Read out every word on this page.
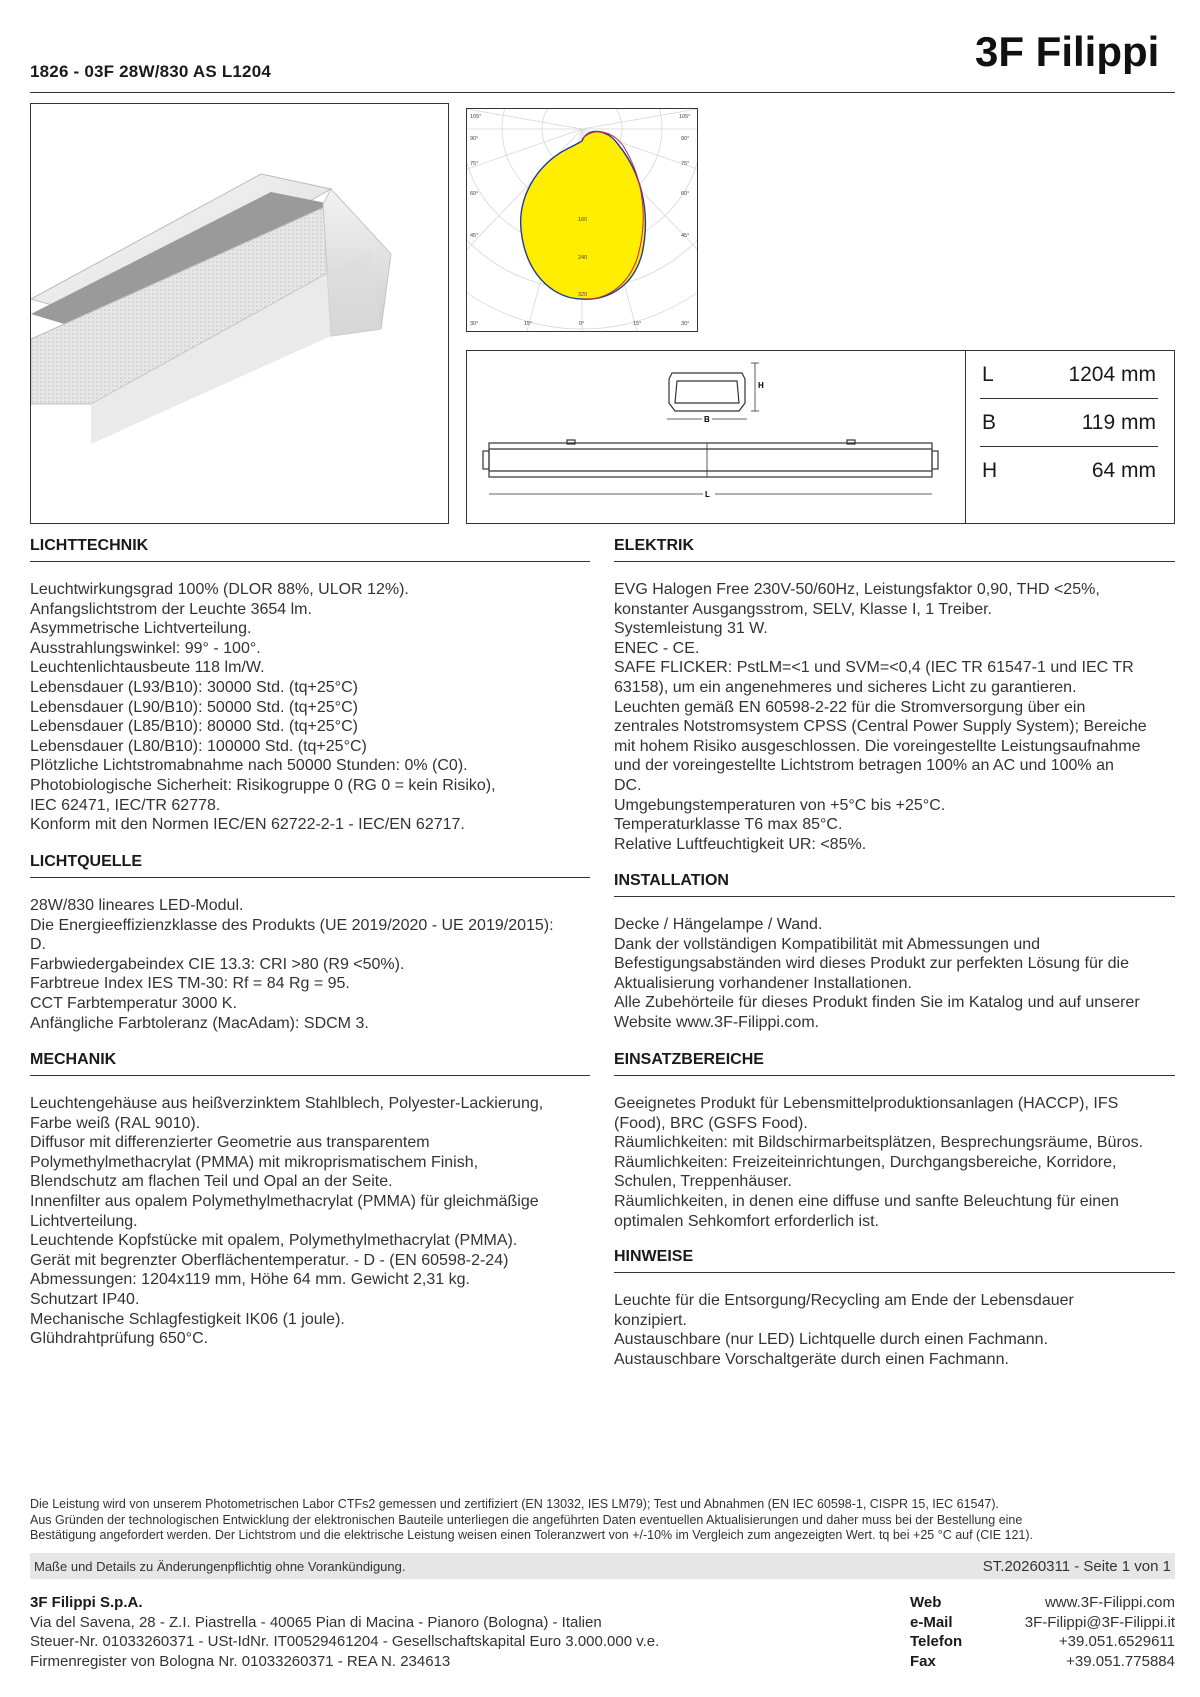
1826 - 03F 28W/830 AS L1204	3F Filippi
105°
90°
75°
60°
45°
105°
90°
75°
60°
45°
30°	15°	0°	15°	30°
160
240
320
H
B
L
L	1204 mm
B	119 mm
H	64 mm
LICHTTECHNIK
Leuchtwirkungsgrad 100% (DLOR 88%, ULOR 12%).
Anfangslichtstrom der Leuchte 3654 lm.
Asymmetrische Lichtverteilung.
Ausstrahlungswinkel: 99° - 100°.
Leuchtenlichtausbeute 118 lm/W.
Lebensdauer (L93/B10): 30000 Std. (tq+25°C)
Lebensdauer (L90/B10): 50000 Std. (tq+25°C)
Lebensdauer (L85/B10): 80000 Std. (tq+25°C)
Lebensdauer (L80/B10): 100000 Std. (tq+25°C)
Plötzliche Lichtstromabnahme nach 50000 Stunden: 0% (C0).
Photobiologische Sicherheit: Risikogruppe 0 (RG 0 = kein Risiko),
IEC 62471, IEC/TR 62778.
Konform mit den Normen IEC/EN 62722-2-1 - IEC/EN 62717.
LICHTQUELLE
28W/830 lineares LED-Modul.
Die Energieeffizienzklasse des Produkts (UE 2019/2020 - UE 2019/2015):
D.
Farbwiedergabeindex CIE 13.3: CRI >80 (R9 <50%).
Farbtreue Index IES TM-30: Rf = 84 Rg = 95.
CCT Farbtemperatur 3000 K.
Anfängliche Farbtoleranz (MacAdam): SDCM 3.
MECHANIK
Leuchtengehäuse aus heißverzinktem Stahlblech, Polyester-Lackierung,
Farbe weiß (RAL 9010).
Diffusor mit differenzierter Geometrie aus transparentem
Polymethylmethacrylat (PMMA) mit mikroprismatischem Finish,
Blendschutz am flachen Teil und Opal an der Seite.
Innenfilter aus opalem Polymethylmethacrylat (PMMA) für gleichmäßige
Lichtverteilung.
Leuchtende Kopfstücke mit opalem, Polymethylmethacrylat (PMMA).
Gerät mit begrenzter Oberflächentemperatur. - D - (EN 60598-2-24)
Abmessungen: 1204x119 mm, Höhe 64 mm. Gewicht 2,31 kg.
Schutzart IP40.
Mechanische Schlagfestigkeit IK06 (1 joule).
Glühdrahtprüfung 650°C.
ELEKTRIK
EVG Halogen Free 230V-50/60Hz, Leistungsfaktor 0,90, THD <25%,
konstanter Ausgangsstrom, SELV, Klasse I, 1 Treiber.
Systemleistung 31 W.
ENEC - CE.
SAFE FLICKER: PstLM=<1 und SVM=<0,4 (IEC TR 61547-1 und IEC TR
63158), um ein angenehmeres und sicheres Licht zu garantieren.
Leuchten gemäß EN 60598-2-22 für die Stromversorgung über ein
zentrales Notstromsystem CPSS (Central Power Supply System); Bereiche
mit hohem Risiko ausgeschlossen. Die voreingestellte Leistungsaufnahme
und der voreingestellte Lichtstrom betragen 100% an AC und 100% an
DC.
Umgebungstemperaturen von +5°C bis +25°C.
Temperaturklasse T6 max 85°C.
Relative Luftfeuchtigkeit UR: <85%.
INSTALLATION
Decke / Hängelampe / Wand.
Dank der vollständigen Kompatibilität mit Abmessungen und
Befestigungsabständen wird dieses Produkt zur perfekten Lösung für die
Aktualisierung vorhandener Installationen.
Alle Zubehörteile für dieses Produkt finden Sie im Katalog und auf unserer
Website www.3F-Filippi.com.
EINSATZBEREICHE
Geeignetes Produkt für Lebensmittelproduktionsanlagen (HACCP), IFS
(Food), BRC (GSFS Food).
Räumlichkeiten: mit Bildschirmarbeitsplätzen, Besprechungsräume, Büros.
Räumlichkeiten: Freizeiteinrichtungen, Durchgangsbereiche, Korridore,
Schulen, Treppenhäuser.
Räumlichkeiten, in denen eine diffuse und sanfte Beleuchtung für einen
optimalen Sehkomfort erforderlich ist.
HINWEISE
Leuchte für die Entsorgung/Recycling am Ende der Lebensdauer
konzipiert.
Austauschbare (nur LED) Lichtquelle durch einen Fachmann.
Austauschbare Vorschaltgeräte durch einen Fachmann.
Die Leistung wird von unserem Photometrischen Labor CTFs2 gemessen und zertifiziert (EN 13032, IES LM79); Test und Abnahmen (EN IEC 60598-1, CISPR 15, IEC 61547).
Aus Gründen der technologischen Entwicklung der elektronischen Bauteile unterliegen die angeführten Daten eventuellen Aktualisierungen und daher muss bei der Bestellung eine
Bestätigung angefordert werden. Der Lichtstrom und die elektrische Leistung weisen einen Toleranzwert von +/-10% im Vergleich zum angezeigten Wert. tq bei +25 °C auf (CIE 121).
Maße und Details zu Änderungenpflichtig ohne Vorankündigung.	ST.20260311 - Seite 1 von 1
3F Filippi S.p.A.
Via del Savena, 28 - Z.I. Piastrella - 40065 Pian di Macina - Pianoro (Bologna) - Italien
Steuer-Nr. 01033260371 - USt-IdNr. IT00529461204 - Gesellschaftskapital Euro 3.000.000 v.e.
Firmenregister von Bologna Nr. 01033260371 - REA N. 234613
Web	www.3F-Filippi.com
e-Mail	3F-Filippi@3F-Filippi.it
Telefon	+39.051.6529611
Fax	+39.051.775884
